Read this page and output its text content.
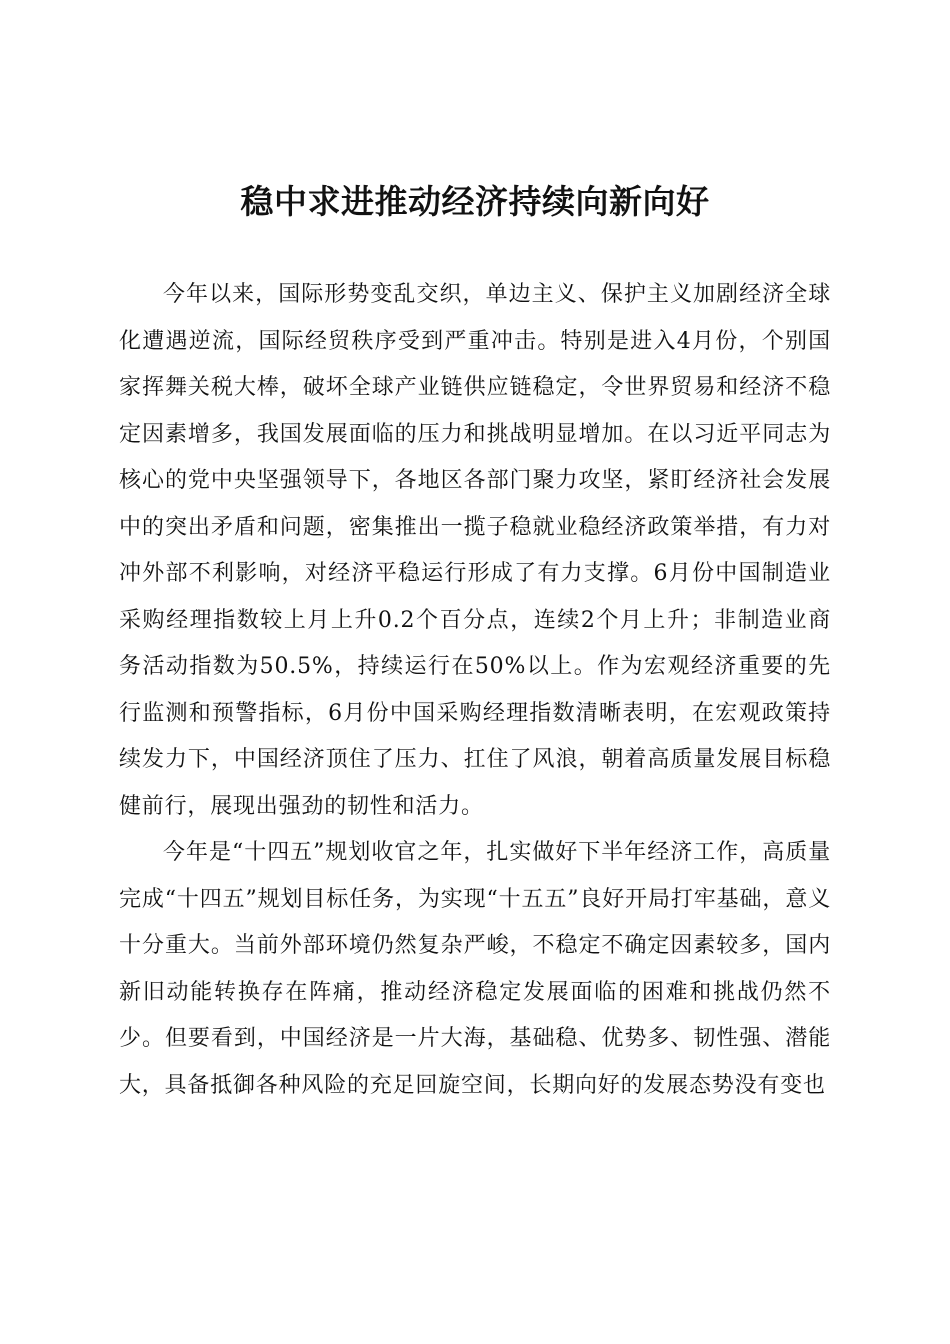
稳中求进推动经济持续向新向好

今年以来，国际形势变乱交织，单边主义、保护主义加剧经济全球化遭遇逆流，国际经贸秩序受到严重冲击。特别是进入4月份，个别国家挥舞关税大棒，破坏全球产业链供应链稳定，令世界贸易和经济不稳定因素增多，我国发展面临的压力和挑战明显增加。在以习近平同志为核心的党中央坚强领导下，各地区各部门聚力攻坚，紧盯经济社会发展中的突出矛盾和问题，密集推出一揽子稳就业稳经济政策举措，有力对冲外部不利影响，对经济平稳运行形成了有力支撑。6月份中国制造业采购经理指数较上月上升0.2个百分点，连续2个月上升；非制造业商务活动指数为50.5%，持续运行在50%以上。作为宏观经济重要的先行监测和预警指标，6月份中国采购经理指数清晰表明，在宏观政策持续发力下，中国经济顶住了压力、扛住了风浪，朝着高质量发展目标稳健前行，展现出强劲的韧性和活力。

今年是“十四五”规划收官之年，扎实做好下半年经济工作，高质量完成“十四五”规划目标任务，为实现“十五五”良好开局打牢基础，意义十分重大。当前外部环境仍然复杂严峻，不稳定不确定因素较多，国内新旧动能转换存在阵痛，推动经济稳定发展面临的困难和挑战仍然不少。但要看到，中国经济是一片大海，基础稳、优势多、韧性强、潜能大，具备抵御各种风险的充足回旋空间，长期向好的发展态势没有变也
